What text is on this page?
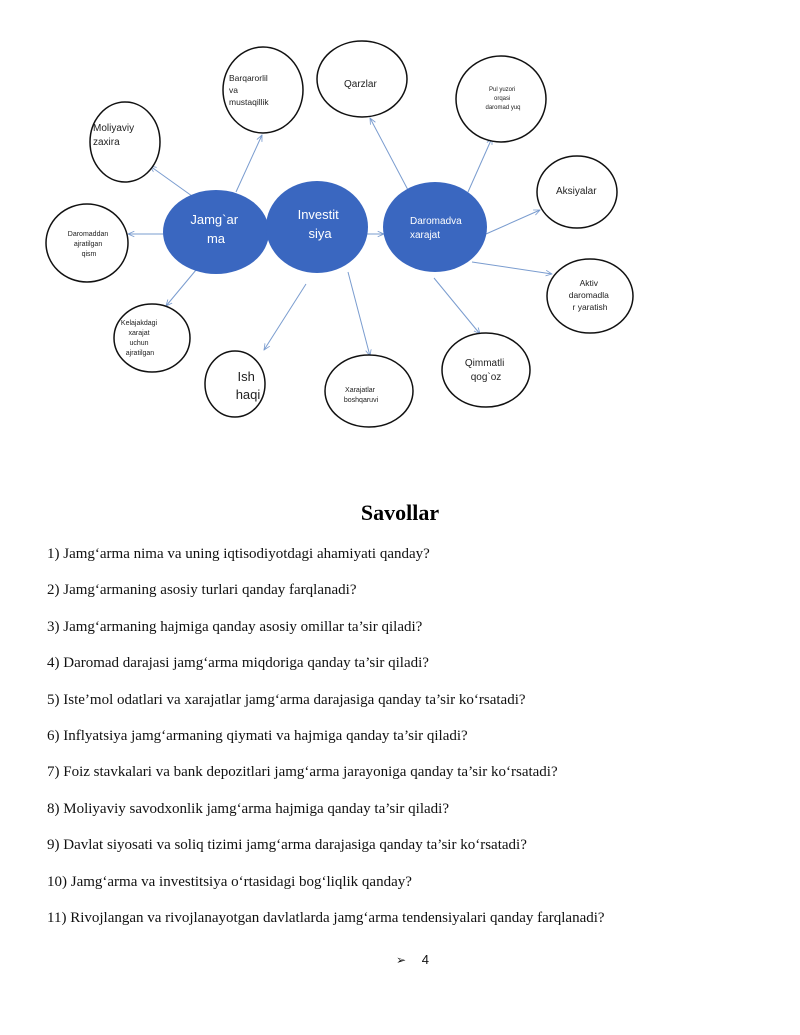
Jamg`ar ma
Investit siya
Daromadva xarajat
Moliyaviy zaxira
Barqarorlil va mustaqillik
Qarzlar	Pul yuzori orqasi daromad yuq
Aksiyalar
Aktiv daromadla r yaratish
Qimmatli qog`oz
Xarajatlar boshqaruvi
Ish haqi
Kelajakdagi xarajat uchun ajratilgan
Daromaddan ajratilgan qism
Savollar
1) Jamg‘arma nima va uning iqtisodiyotdagi ahamiyati qanday?
2) Jamg‘armaning asosiy turlari qanday farqlanadi?
3) Jamg‘armaning hajmiga qanday asosiy omillar ta’sir qiladi?
4) Daromad darajasi jamg‘arma miqdoriga qanday ta’sir qiladi?
5) Iste’mol odatlari va xarajatlar jamg‘arma darajasiga qanday ta’sir ko‘rsatadi?
6) Inflyatsiya jamg‘armaning qiymati va hajmiga qanday ta’sir qiladi?
7) Foiz stavkalari va bank depozitlari jamg‘arma jarayoniga qanday ta’sir ko‘rsatadi?
8) Moliyaviy savodxonlik jamg‘arma hajmiga qanday ta’sir qiladi?
9) Davlat siyosati va soliq tizimi jamg‘arma darajasiga qanday ta’sir ko‘rsatadi?
10) Jamg‘arma va investitsiya o‘rtasidagi bog‘liqlik qanday?
11) Rivojlangan va rivojlanayotgan davlatlarda jamg‘arma tendensiyalari qanday farqlanadi?
➢ 4
